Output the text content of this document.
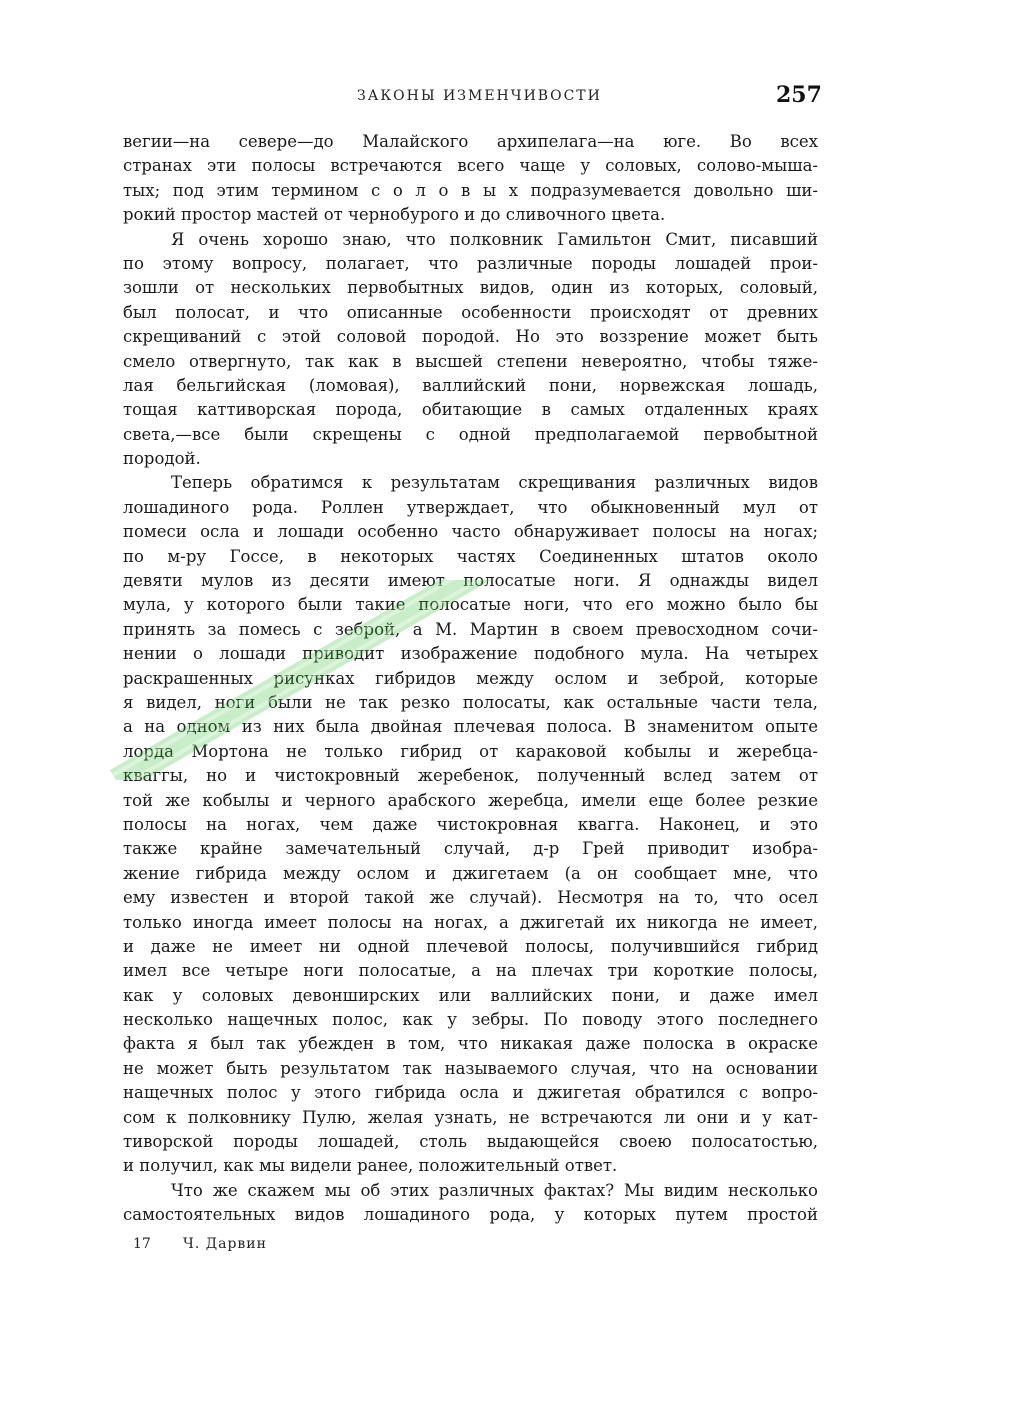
ЗАКОНЫ ИЗМЕНЧИВОСТИ	257
вегии—на севере—до Малайского архипелага—на юге. Во всех
странах эти полосы встречаются всего чаще у соловых, солово-мыша-
тых; под этим термином с о л о в ы х подразумевается довольно ши-
рокий простор мастей от чернобурого и до сливочного цвета.
Я очень хорошо знаю, что полковник Гамильтон Смит, писавший
по этому вопросу, полагает, что различные породы лошадей прои-
зошли от нескольких первобытных видов, один из которых, соловый,
был полосат, и что описанные особенности происходят от древних
скрещиваний с этой соловой породой. Но это воззрение может быть
смело отвергнуто, так как в высшей степени невероятно, чтобы тяже-
лая бельгийская (ломовая), валлийский пони, норвежская лошадь,
тощая каттиворская порода, обитающие в самых отдаленных краях
света,—все были скрещены с одной предполагаемой первобытной
породой.
Теперь обратимся к результатам скрещивания различных видов
лошадиного рода. Роллен утверждает, что обыкновенный мул от
помеси осла и лошади особенно часто обнаруживает полосы на ногах;
по м-ру Госсе, в некоторых частях Соединенных штатов около
девяти мулов из десяти имеют полосатые ноги. Я однажды видел
мула, у которого были такие полосатые ноги, что его можно было бы
принять за помесь с зеброй, а М. Мартин в своем превосходном сочи-
нении о лошади приводит изображение подобного мула. На четырех
раскрашенных рисунках гибридов между ослом и зеброй, которые
я видел, ноги были не так резко полосаты, как остальные части тела,
а на одном из них была двойная плечевая полоса. В знаменитом опыте
лорда Мортона не только гибрид от караковой кобылы и жеребца-
кваггы, но и чистокровный жеребенок, полученный вслед затем от
той же кобылы и черного арабского жеребца, имели еще более резкие
полосы на ногах, чем даже чистокровная квагга. Наконец, и это
также крайне замечательный случай, д-р Грей приводит изобра-
жение гибрида между ослом и джигетаем (а он сообщает мне, что
ему известен и второй такой же случай). Несмотря на то, что осел
только иногда имеет полосы на ногах, а джигетай их никогда не имеет,
и даже не имеет ни одной плечевой полосы, получившийся гибрид
имел все четыре ноги полосатые, а на плечах три короткие полосы,
как у соловых девонширских или валлийских пони, и даже имел
несколько нащечных полос, как у зебры. По поводу этого последнего
факта я был так убежден в том, что никакая даже полоска в окраске
не может быть результатом так называемого случая, что на основании
нащечных полос у этого гибрида осла и джигетая обратился с вопро-
сом к полковнику Пулю, желая узнать, не встречаются ли они и у кат-
тиворской породы лошадей, столь выдающейся своею полосатостью,
и получил, как мы видели ранее, положительный ответ.
Что же скажем мы об этих различных фактах? Мы видим несколько
самостоятельных видов лошадиного рода, у которых путем простой
17 Ч. Дарвин
